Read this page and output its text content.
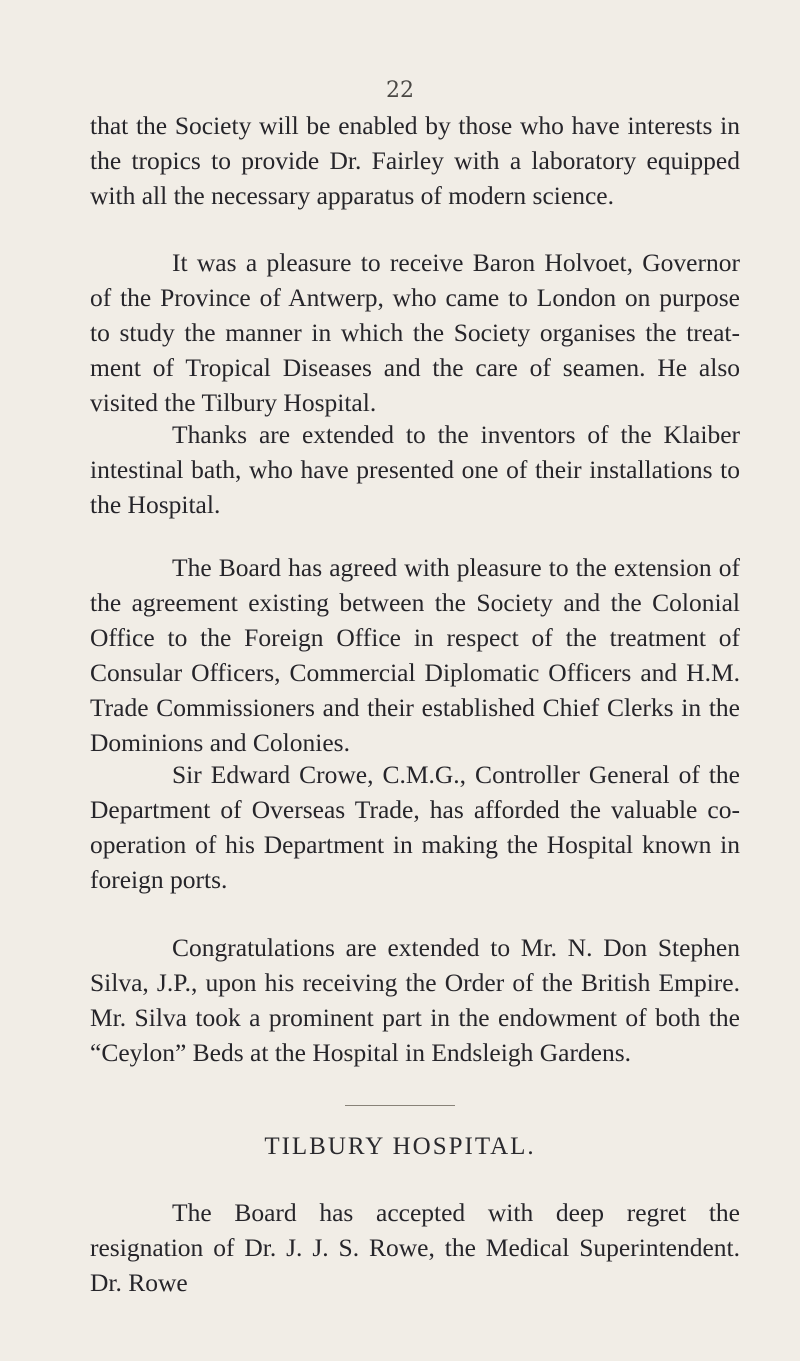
22

that the Society will be enabled by those who have interests in the tropics to provide Dr. Fairley with a laboratory equipped with all the necessary apparatus of modern science.

It was a pleasure to receive Baron Holvoet, Governor of the Province of Antwerp, who came to London on purpose to study the manner in which the Society organises the treat-ment of Tropical Diseases and the care of seamen. He also visited the Tilbury Hospital.

Thanks are extended to the inventors of the Klaiber intestinal bath, who have presented one of their installations to the Hospital.

The Board has agreed with pleasure to the extension of the agreement existing between the Society and the Colonial Office to the Foreign Office in respect of the treatment of Consular Officers, Commercial Diplomatic Officers and H.M. Trade Commissioners and their established Chief Clerks in the Dominions and Colonies.

Sir Edward Crowe, C.M.G., Controller General of the Department of Overseas Trade, has afforded the valuable co-operation of his Department in making the Hospital known in foreign ports.

Congratulations are extended to Mr. N. Don Stephen Silva, J.P., upon his receiving the Order of the British Empire. Mr. Silva took a prominent part in the endowment of both the “Ceylon” Beds at the Hospital in Endsleigh Gardens.

TILBURY HOSPITAL.

The Board has accepted with deep regret the resignation of Dr. J. J. S. Rowe, the Medical Superintendent. Dr. Rowe
